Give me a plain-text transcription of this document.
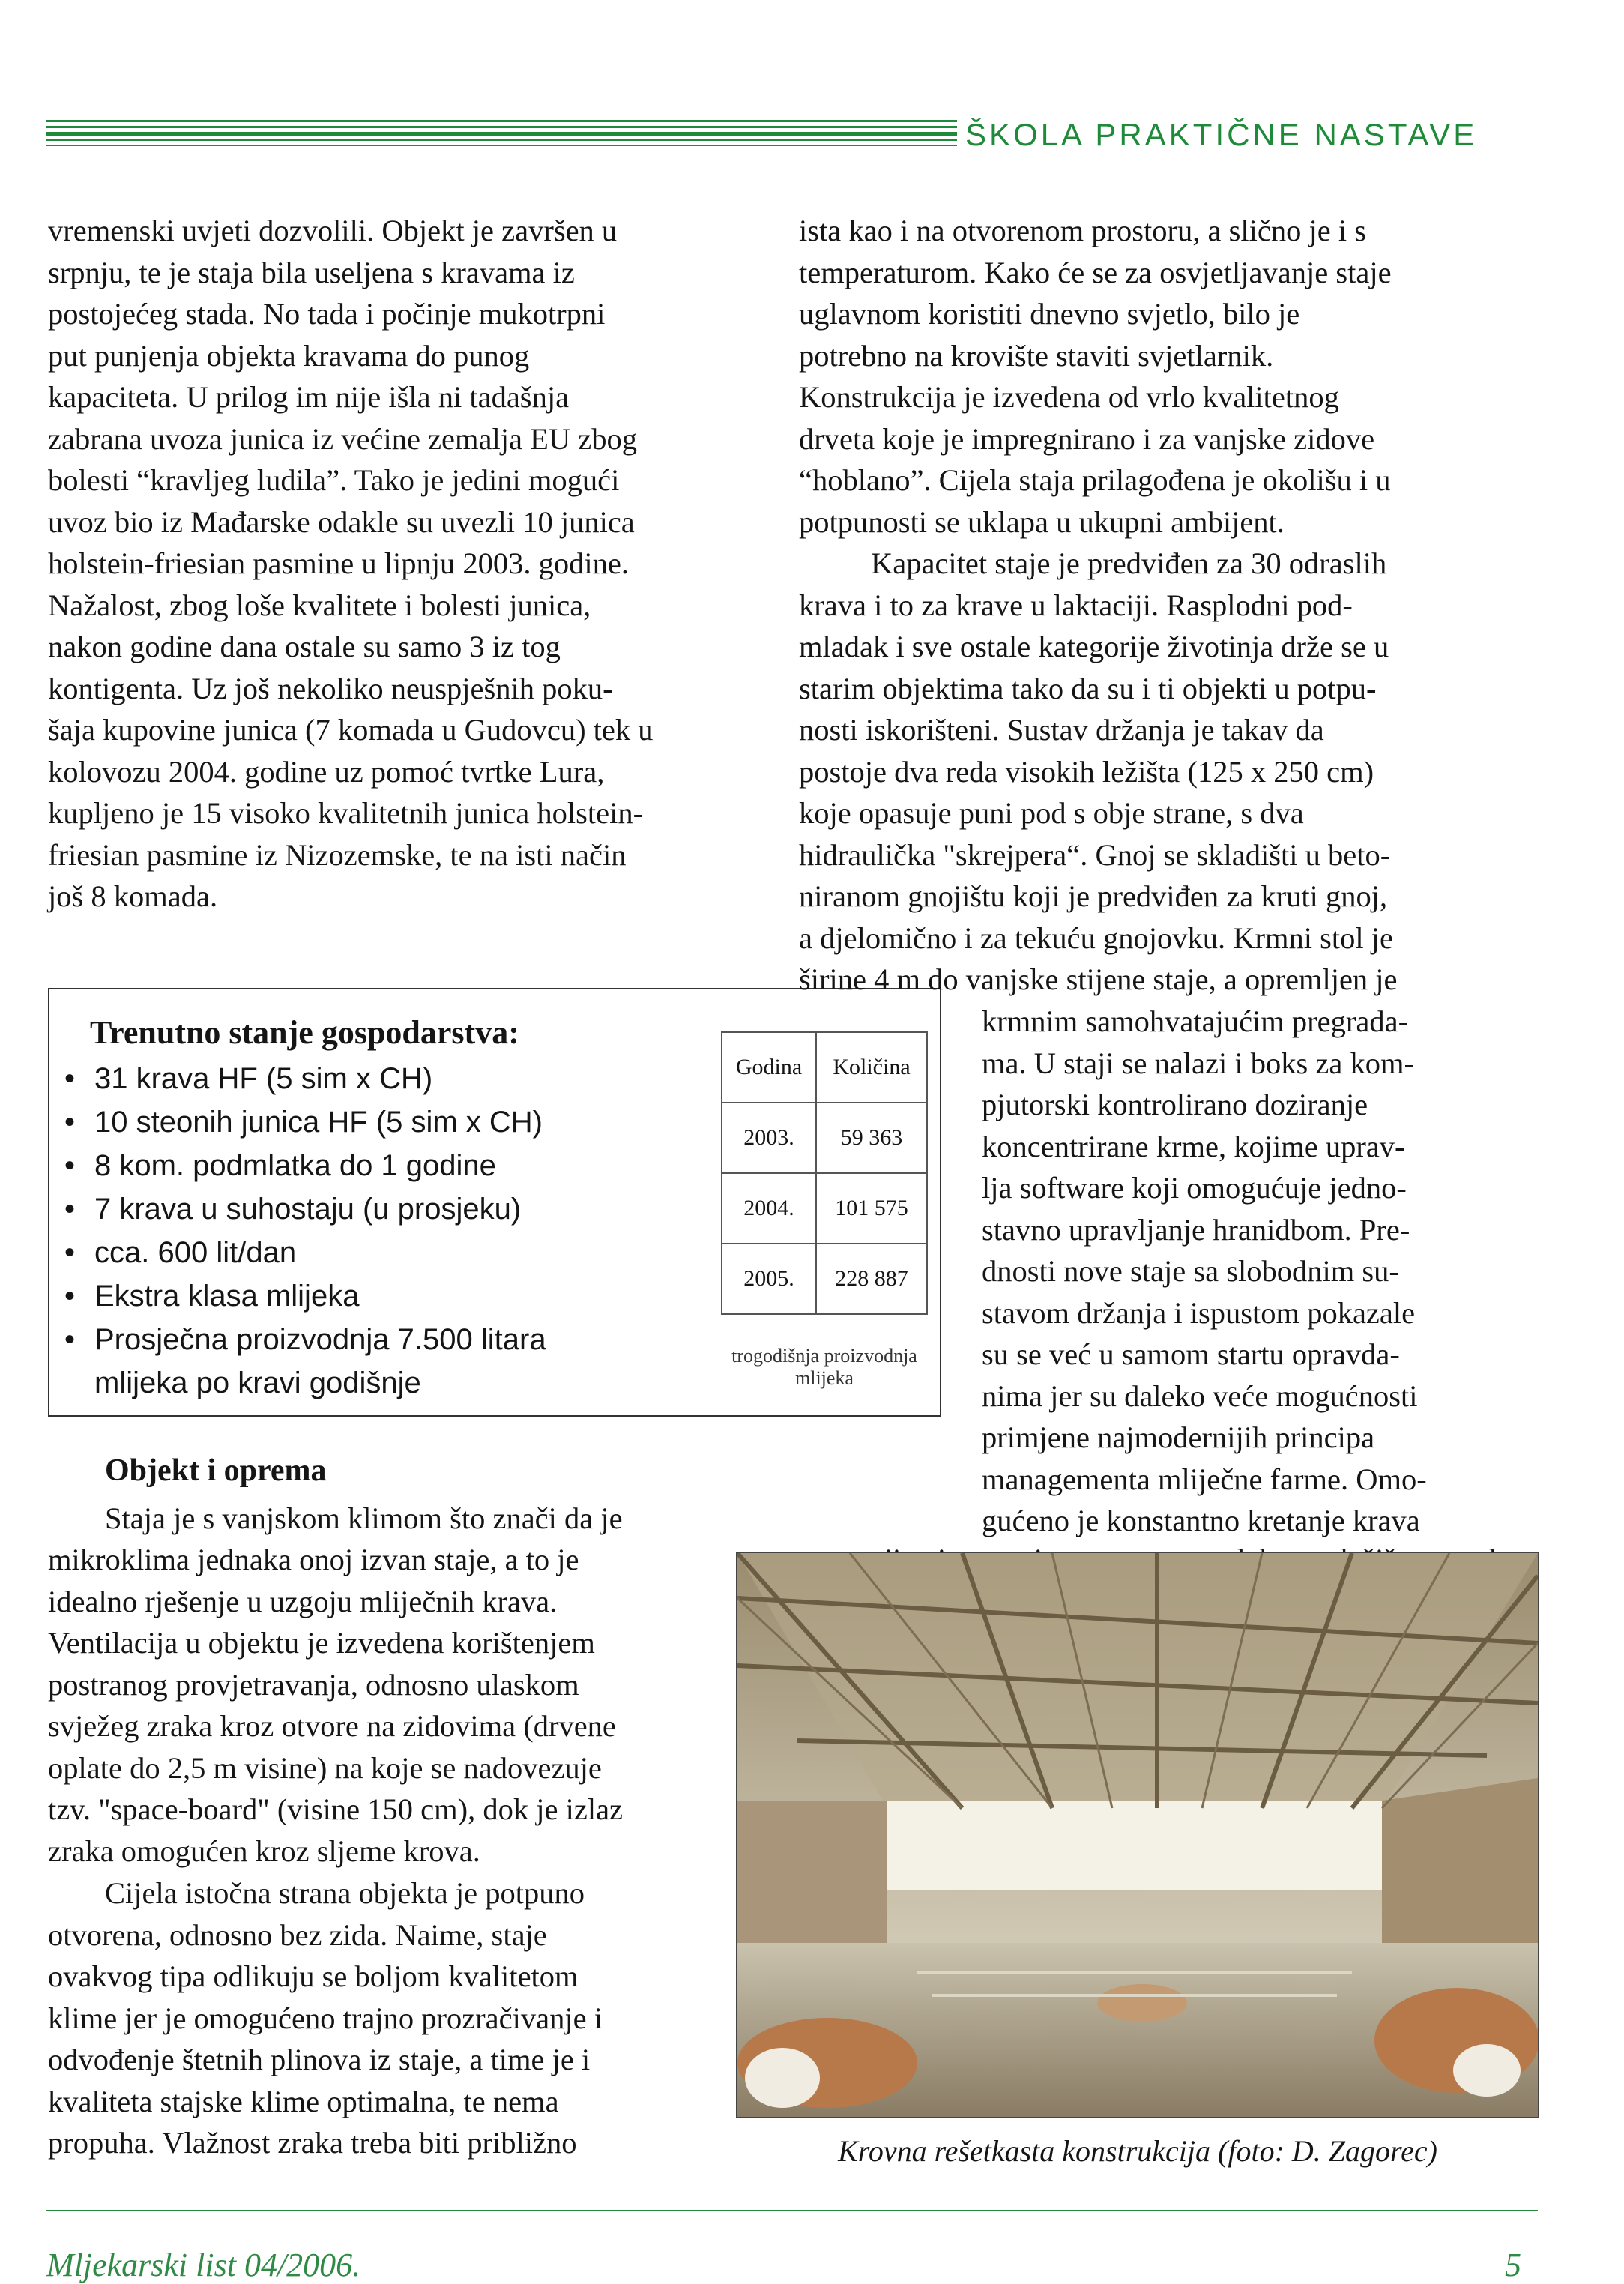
ŠKOLA PRAKTIČNE NASTAVE
vremenski uvjeti dozvolili. Objekt je završen u
srpnju, te je staja bila useljena s kravama iz
postojećeg stada. No tada i počinje mukotrpni
put punjenja objekta kravama do punog
kapaciteta. U prilog im nije išla ni tadašnja
zabrana uvoza junica iz većine zemalja EU zbog
bolesti “kravljeg ludila”. Tako je jedini mogući
uvoz bio iz Mađarske odakle su uvezli 10 junica
holstein-friesian pasmine u lipnju 2003. godine.
Nažalost, zbog loše kvalitete i bolesti junica,
nakon godine dana ostale su samo 3 iz tog
kontigenta. Uz još nekoliko neuspješnih poku-
šaja kupovine junica (7 komada u Gudovcu) tek u
kolovozu 2004. godine uz pomoć tvrtke Lura,
kupljeno je 15 visoko kvalitetnih junica holstein-
friesian pasmine iz Nizozemske, te na isti način
još 8 komada.
Trenutno stanje gospodarstva:
• 31 krava HF (5 sim x CH)
• 10 steonih junica HF (5 sim x CH)
• 8 kom. podmlatka do 1 godine
• 7 krava u suhostaju (u prosjeku)
• cca. 600 lit/dan
• Ekstra klasa mlijeka
• Prosječna proizvodnja 7.500 litara
mlijeka po kravi godišnje
Godina	Količina
2003.	59 363
2004.	101 575
2005.	228 887
trogodišnja proizvodnja
mlijeka
Objekt i oprema
Staja je s vanjskom klimom što znači da je
mikroklima jednaka onoj izvan staje, a to je
idealno rješenje u uzgoju mliječnih krava.
Ventilacija u objektu je izvedena korištenjem
postranog provjetravanja, odnosno ulaskom
svježeg zraka kroz otvore na zidovima (drvene
oplate do 2,5 m visine) na koje se nadovezuje
tzv. "space-board" (visine 150 cm), dok je izlaz
zraka omogućen kroz sljeme krova.
Cijela istočna strana objekta je potpuno
otvorena, odnosno bez zida. Naime, staje
ovakvog tipa odlikuju se boljom kvalitetom
klime jer je omogućeno trajno prozračivanje i
odvođenje štetnih plinova iz staje, a time je i
kvaliteta stajske klime optimalna, te nema
propuha. Vlažnost zraka treba biti približno
ista kao i na otvorenom prostoru, a slično je i s
temperaturom. Kako će se za osvjetljavanje staje
uglavnom koristiti dnevno svjetlo, bilo je
potrebno na krovište staviti svjetlarnik.
Konstrukcija je izvedena od vrlo kvalitetnog
drveta koje je impregnirano i za vanjske zidove
“hoblano”. Cijela staja prilagođena je okolišu i u
potpunosti se uklapa u ukupni ambijent.
Kapacitet staje je predviđen za 30 odraslih
krava i to za krave u laktaciji. Rasplodni pod-
mladak i sve ostale kategorije životinja drže se u
starim objektima tako da su i ti objekti u potpu-
nosti iskorišteni. Sustav držanja je takav da
postoje dva reda visokih ležišta (125 x 250 cm)
koje opasuje puni pod s obje strane, s dva
hidraulička "skrejpera“. Gnoj se skladišti u beto-
niranom gnojištu koji je predviđen za kruti gnoj,
a djelomično i za tekuću gnojovku. Krmni stol je
širine 4 m do vanjske stijene staje, a opremljen je
krmnim samohvatajućim pregrada-
ma. U staji se nalazi i boks za kom-
pjutorski kontrolirano doziranje
koncentrirane krme, kojime uprav-
lja software koji omogućuje jedno-
stavno upravljanje hranidbom. Pre-
dnosti nove staje sa slobodnim su-
stavom držanja i ispustom pokazale
su se već u samom startu opravda-
nima jer su daleko veće mogućnosti
primjene najmodernijih principa
managementa mliječne farme. Omo-
gućeno je konstantno kretanje krava
Krovna rešetkasta konstrukcija (foto: D. Zagorec)
Mljekarski list 04/2006.	5
